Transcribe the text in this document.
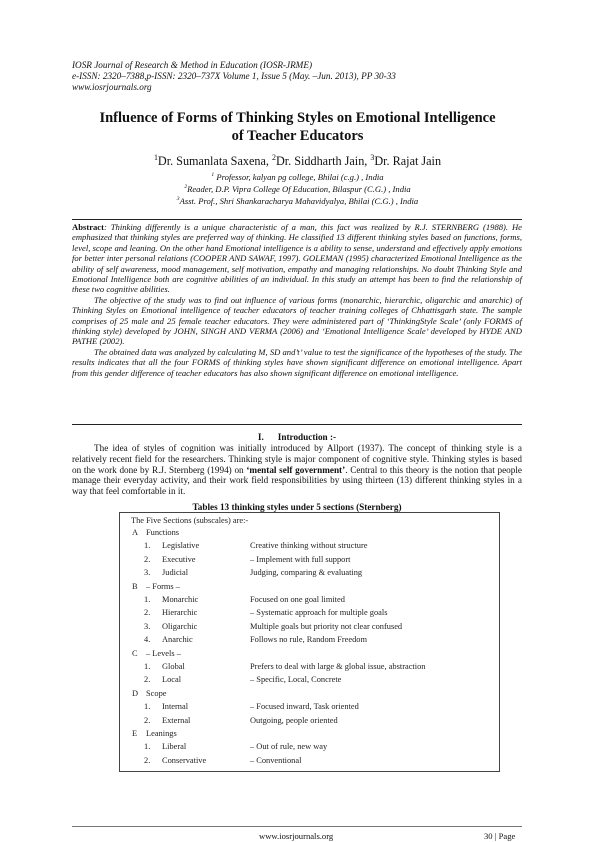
IOSR Journal of Research & Method in Education (IOSR-JRME)
e-ISSN: 2320–7388,p-ISSN: 2320–737X Volume 1, Issue 5 (May. –Jun. 2013), PP 30-33
www.iosrjournals.org
Influence of Forms of Thinking Styles on Emotional Intelligence
of Teacher Educators
$^1$Dr. Sumanlata Saxena, $^2$Dr. Siddharth Jain, $^3$Dr. Rajat Jain
$^1$ Professor, kalyan pg college, Bhilai (c.g.) , India
$^2$Reader, D.P. Vipra College Of Education, Bilaspur (C.G.) , India
$^3$Asst. Prof., Shri Shankaracharya Mahavidyalya, Bhilai (C.G.) , India

Abstract: Thinking differently is a unique characteristic of a man, this fact was realized by R.J. STERNBERG (1988). He emphasized that thinking styles are preferred way of thinking. He classified 13 different thinking styles based on functions, forms, level, scope and leaning. On the other hand Emotional intelligence is a ability to sense, understand and effectively apply emotions for better inter personal relations (COOPER AND SAWAF, 1997). GOLEMAN (1995) characterized Emotional Intelligence as the ability of self awareness, mood management, self motivation, empathy and managing relationships. No doubt Thinking Style and Emotional Intelligence both are cognitive abilities of an individual. In this study an attempt has been to find the relationship of these two cognitive abilities.

The objective of the study was to find out influence of various forms (monarchic, hierarchic, oligarchic and anarchic) of Thinking Styles on Emotional intelligence of teacher educators of teacher training colleges of Chhattisgarh state. The sample comprises of 25 male and 25 female teacher educators. They were administered part of ‘ThinkingStyle Scale’ (only FORMS of thinking style) developed by JOHN, SINGH AND VERMA (2006) and ‘Emotional Intelligence Scale’ developed by HYDE AND PATHE (2002).

The obtained data was analyzed by calculating M, SD and’t’ value to test the significance of the hypotheses of the study. The results indicates that all the four FORMS of thinking styles have shown significant difference on emotional intelligence. Apart from this gender difference of teacher educators has also shown significant difference on emotional intelligence.

I. Introduction :-

The idea of styles of cognition was initially introduced by Allport (1937). The concept of thinking style is a relatively recent field for the researchers. Thinking style is major component of cognitive style. Thinking styles is based on the work done by R.J. Sternberg (1994) on ‘mental self government’. Central to this theory is the notion that people manage their everyday activity, and their work field responsibilities by using thirteen (13) different thinking styles in a way that feel comfortable in it.

Tables 13 thinking styles under 5 sections (Sternberg)
The Five Sections (subscales) are:-
A Functions
1. Legislative	Creative thinking without structure
2. Executive	– Implement with full support
3. Judicial	Judging, comparing & evaluating
B – Forms –
1. Monarchic	Focused on one goal limited
2. Hierarchic	– Systematic approach for multiple goals
3. Oligarchic	Multiple goals but priority not clear confused
4. Anarchic	Follows no rule, Random Freedom
C – Levels –
1. Global	Prefers to deal with large & global issue, abstraction
2. Local	– Specific, Local, Concrete
D Scope
1. Internal	– Focused inward, Task oriented
2. External	Outgoing, people oriented
E Leanings
1. Liberal	– Out of rule, new way
2. Conservative	– Conventional
www.iosrjournals.org	30 | Page
